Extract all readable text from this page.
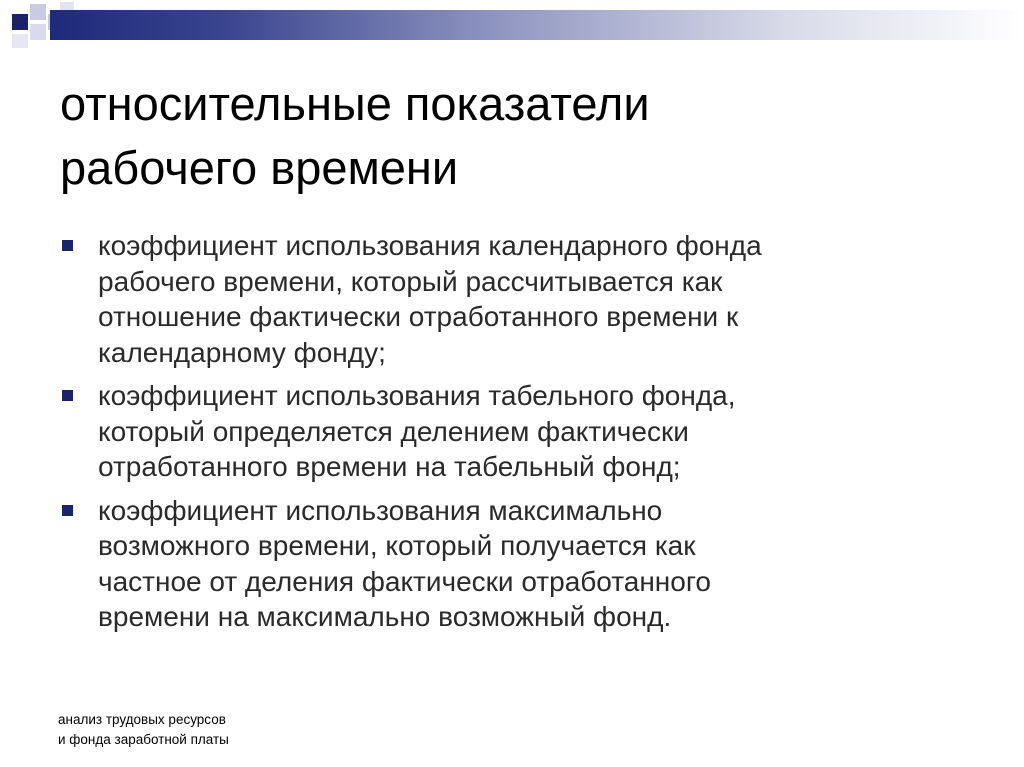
относительные показатели
рабочего времени
коэффициент использования календарного фонда
рабочего времени, который рассчитывается как
отношение фактически отработанного времени к
календарному фонду;
коэффициент использования табельного фонда,
который определяется делением фактически
отработанного времени на табельный фонд;
коэффициент использования максимально
возможного времени, который получается как
частное от деления фактически отработанного
времени на максимально возможный фонд.
анализ трудовых ресурсов
и фонда заработной платы
